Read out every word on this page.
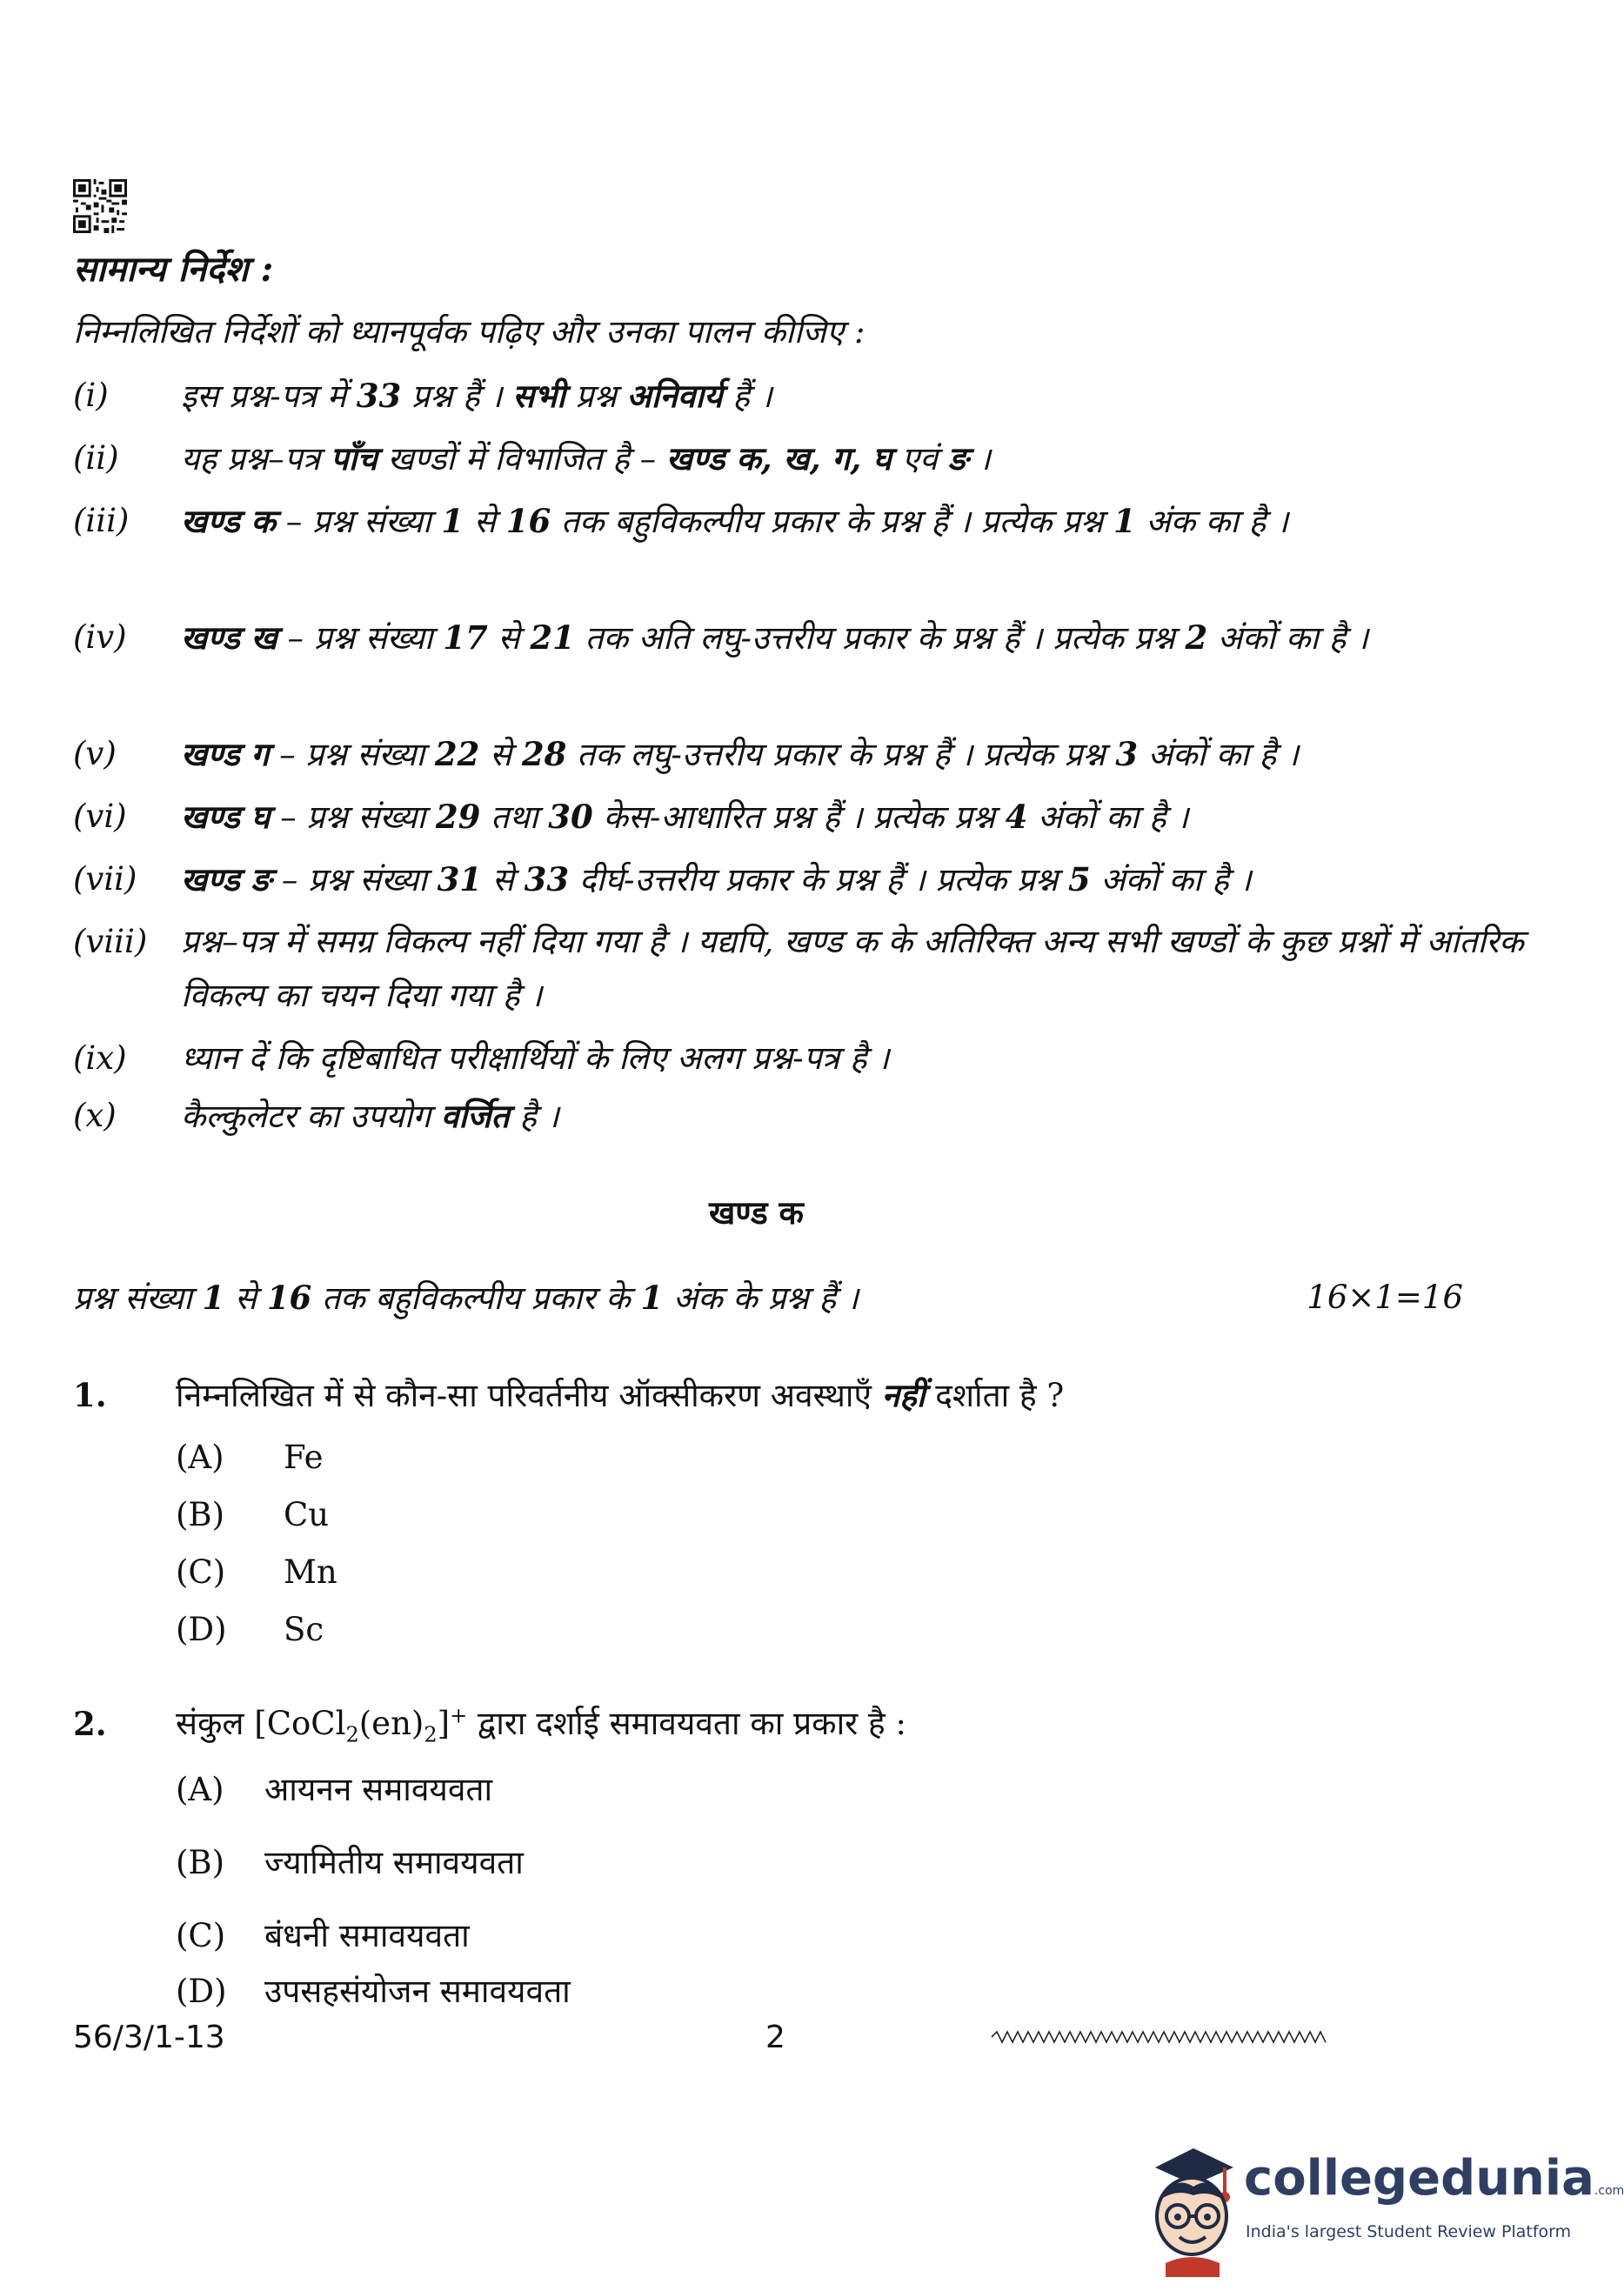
सामान्य निर्देश :
निम्नलिखित निर्देशों को ध्यानपूर्वक पढ़िए और उनका पालन कीजिए :
(i) इस प्रश्न-पत्र में 33 प्रश्न हैं । सभी प्रश्न अनिवार्य हैं ।
(ii) यह प्रश्न–पत्र पाँच खण्डों में विभाजित है – खण्ड क, ख, ग, घ एवं ङ ।
(iii) खण्ड क – प्रश्न संख्या 1 से 16 तक बहुविकल्पीय प्रकार के प्रश्न हैं । प्रत्येक प्रश्न 1 अंक का है ।
(iv) खण्ड ख – प्रश्न संख्या 17 से 21 तक अति लघु-उत्तरीय प्रकार के प्रश्न हैं । प्रत्येक प्रश्न 2 अंकों का है ।
(v) खण्ड ग – प्रश्न संख्या 22 से 28 तक लघु-उत्तरीय प्रकार के प्रश्न हैं । प्रत्येक प्रश्न 3 अंकों का है ।
(vi) खण्ड घ – प्रश्न संख्या 29 तथा 30 केस-आधारित प्रश्न हैं । प्रत्येक प्रश्न 4 अंकों का है ।
(vii) खण्ड ङ – प्रश्न संख्या 31 से 33 दीर्घ-उत्तरीय प्रकार के प्रश्न हैं । प्रत्येक प्रश्न 5 अंकों का है ।
(viii) प्रश्न–पत्र में समग्र विकल्प नहीं दिया गया है । यद्यपि, खण्ड क के अतिरिक्त अन्य सभी खण्डों के कुछ प्रश्नों में आंतरिक विकल्प का चयन दिया गया है ।
(ix) ध्यान दें कि दृष्टिबाधित परीक्षार्थियों के लिए अलग प्रश्न-पत्र है ।
(x) कैल्कुलेटर का उपयोग वर्जित है ।
खण्ड क
प्रश्न संख्या 1 से 16 तक बहुविकल्पीय प्रकार के 1 अंक के प्रश्न हैं ।	16×1=16
1. निम्नलिखित में से कौन-सा परिवर्तनीय ऑक्सीकरण अवस्थाएँ नहीं दर्शाता है ?
(A) Fe
(B) Cu
(C) Mn
(D) Sc
2. संकुल $[CoCl_2(en)_2]^+$ द्वारा दर्शाई समावयवता का प्रकार है :
(A) आयनन समावयवता
(B) ज्यामितीय समावयवता
(C) बंधनी समावयवता
(D) उपसहसंयोजन समावयवता
56/3/1-13	2
collegedunia.com
India's largest Student Review Platform
